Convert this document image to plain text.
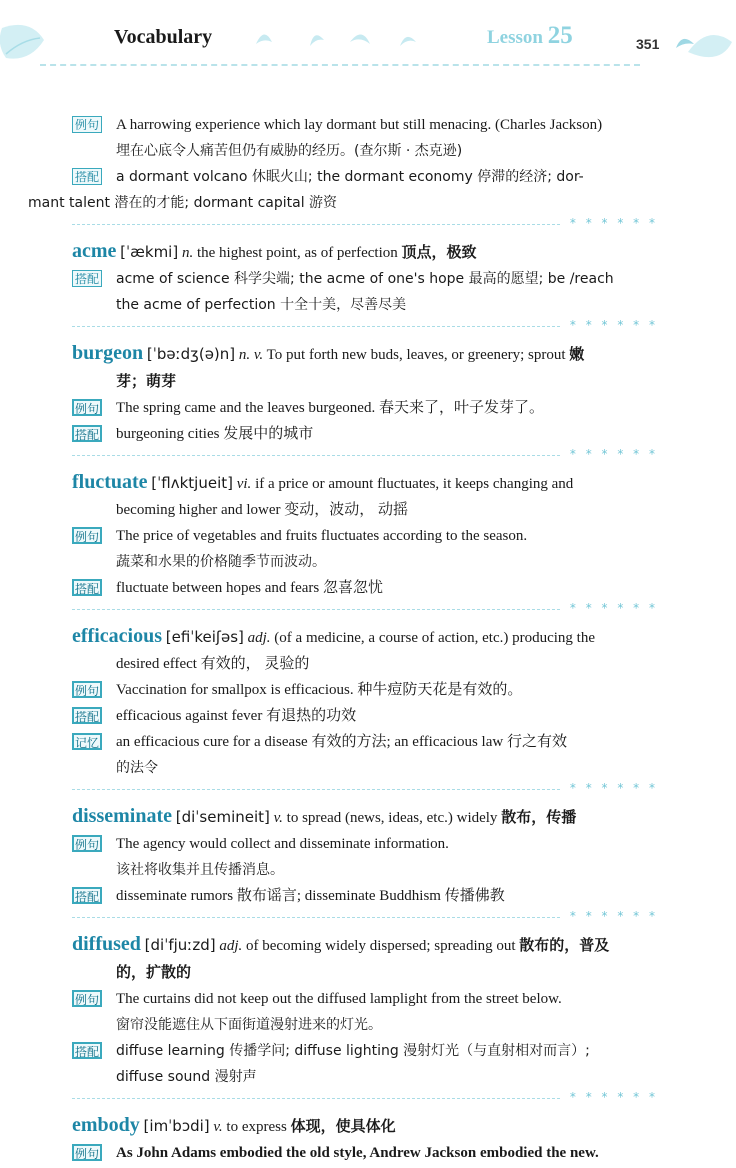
Vocabulary	Lesson 25	351
例句 A harrowing experience which lay dormant but still menacing. (Charles Jackson)
埋在心底令人痛苦但仍有威胁的经历。(查尔斯 · 杰克逊)
搭配 a dormant volcano 休眠火山; the dormant economy 停滞的经济; dor-
mant talent 潜在的才能; dormant capital 游资
* * * * * *
acme [ˈækmi] n. the highest point, as of perfection 顶点，极致
搭配 acme of science 科学尖端; the acme of one's hope 最高的愿望; be /reach
the acme of perfection 十全十美，尽善尽美
* * * * * *
burgeon [ˈbəːdʒ(ə)n] n. v. To put forth new buds, leaves, or greenery; sprout 嫩
芽；萌芽
例句 The spring came and the leaves burgeoned. 春天来了，叶子发芽了。
搭配 burgeoning cities 发展中的城市
* * * * * *
fluctuate [ˈflʌktjueit] vi. if a price or amount fluctuates, it keeps changing and
becoming higher and lower 变动，波动， 动摇
例句 The price of vegetables and fruits fluctuates according to the season.
蔬菜和水果的价格随季节而波动。
搭配 fluctuate between hopes and fears 忽喜忽忧
* * * * * *
efficacious [efiˈkeiʃəs] adj. (of a medicine, a course of action, etc.) producing the
desired effect 有效的， 灵验的
例句 Vaccination for smallpox is efficacious. 种牛痘防天花是有效的。
搭配 efficacious against fever 有退热的功效
记忆 an efficacious cure for a disease 有效的方法; an efficacious law 行之有效
的法令
* * * * * *
disseminate [diˈsemineit] v. to spread (news, ideas, etc.) widely 散布，传播
例句 The agency would collect and disseminate information.
该社将收集并且传播消息。
搭配 disseminate rumors 散布谣言; disseminate Buddhism 传播佛教
* * * * * *
diffused [diˈfjuːzd] adj. of becoming widely dispersed; spreading out 散布的，普及
的，扩散的
例句 The curtains did not keep out the diffused lamplight from the street below.
窗帘没能遮住从下面街道漫射进来的灯光。
搭配 diffuse learning 传播学问; diffuse lighting 漫射灯光（与直射相对而言）;
diffuse sound 漫射声
* * * * * *
embody [imˈbɔdi] v. to express 体现，使具体化
例句 As John Adams embodied the old style, Andrew Jackson embodied the new.
